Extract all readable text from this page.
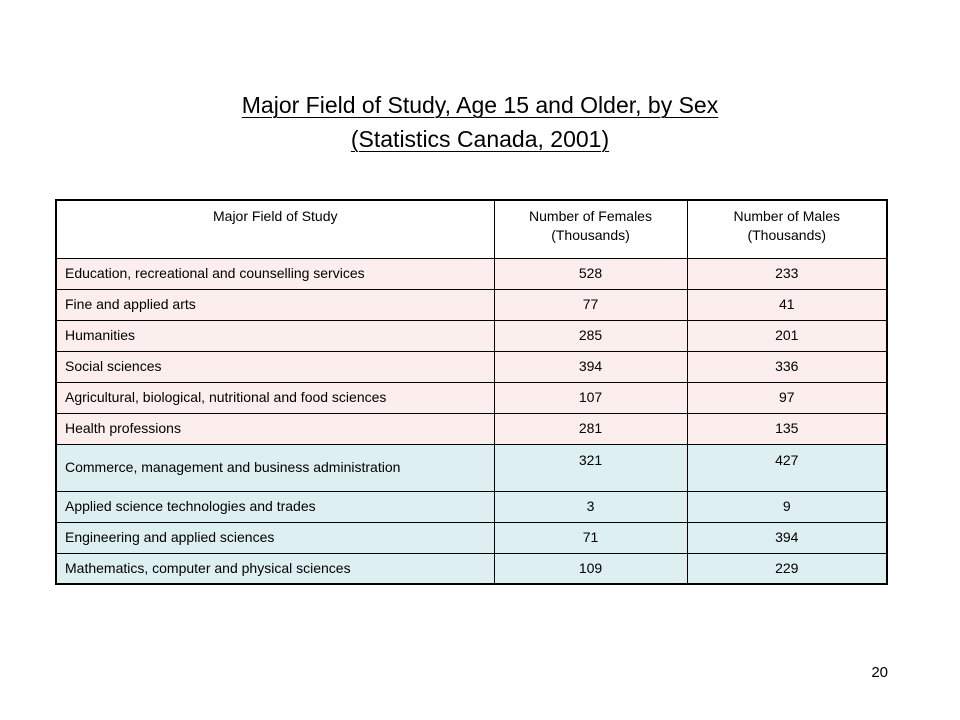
Major Field of Study, Age 15 and Older, by Sex
(Statistics Canada, 2001)
Major Field of Study	Number of Females (Thousands)	Number of Males (Thousands)
Education, recreational and counselling services	528	233
Fine and applied arts	77	41
Humanities	285	201
Social sciences	394	336
Agricultural, biological, nutritional and food sciences	107	97
Health professions	281	135
Commerce, management and business administration	321	427
Applied science technologies and trades	3	9
Engineering and applied sciences	71	394
Mathematics, computer and physical sciences	109	229
20
